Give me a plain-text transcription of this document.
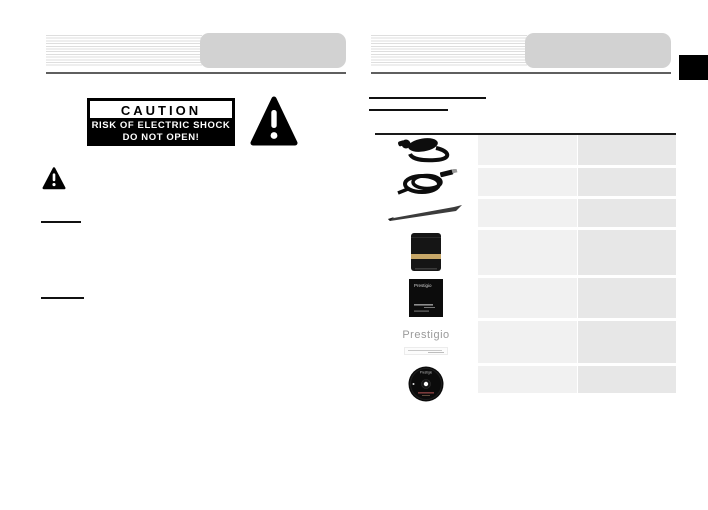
CAUTION
RISK OF ELECTRIC SHOCK
DO NOT OPEN!
Prestigio
Prestigio
Prestigio
